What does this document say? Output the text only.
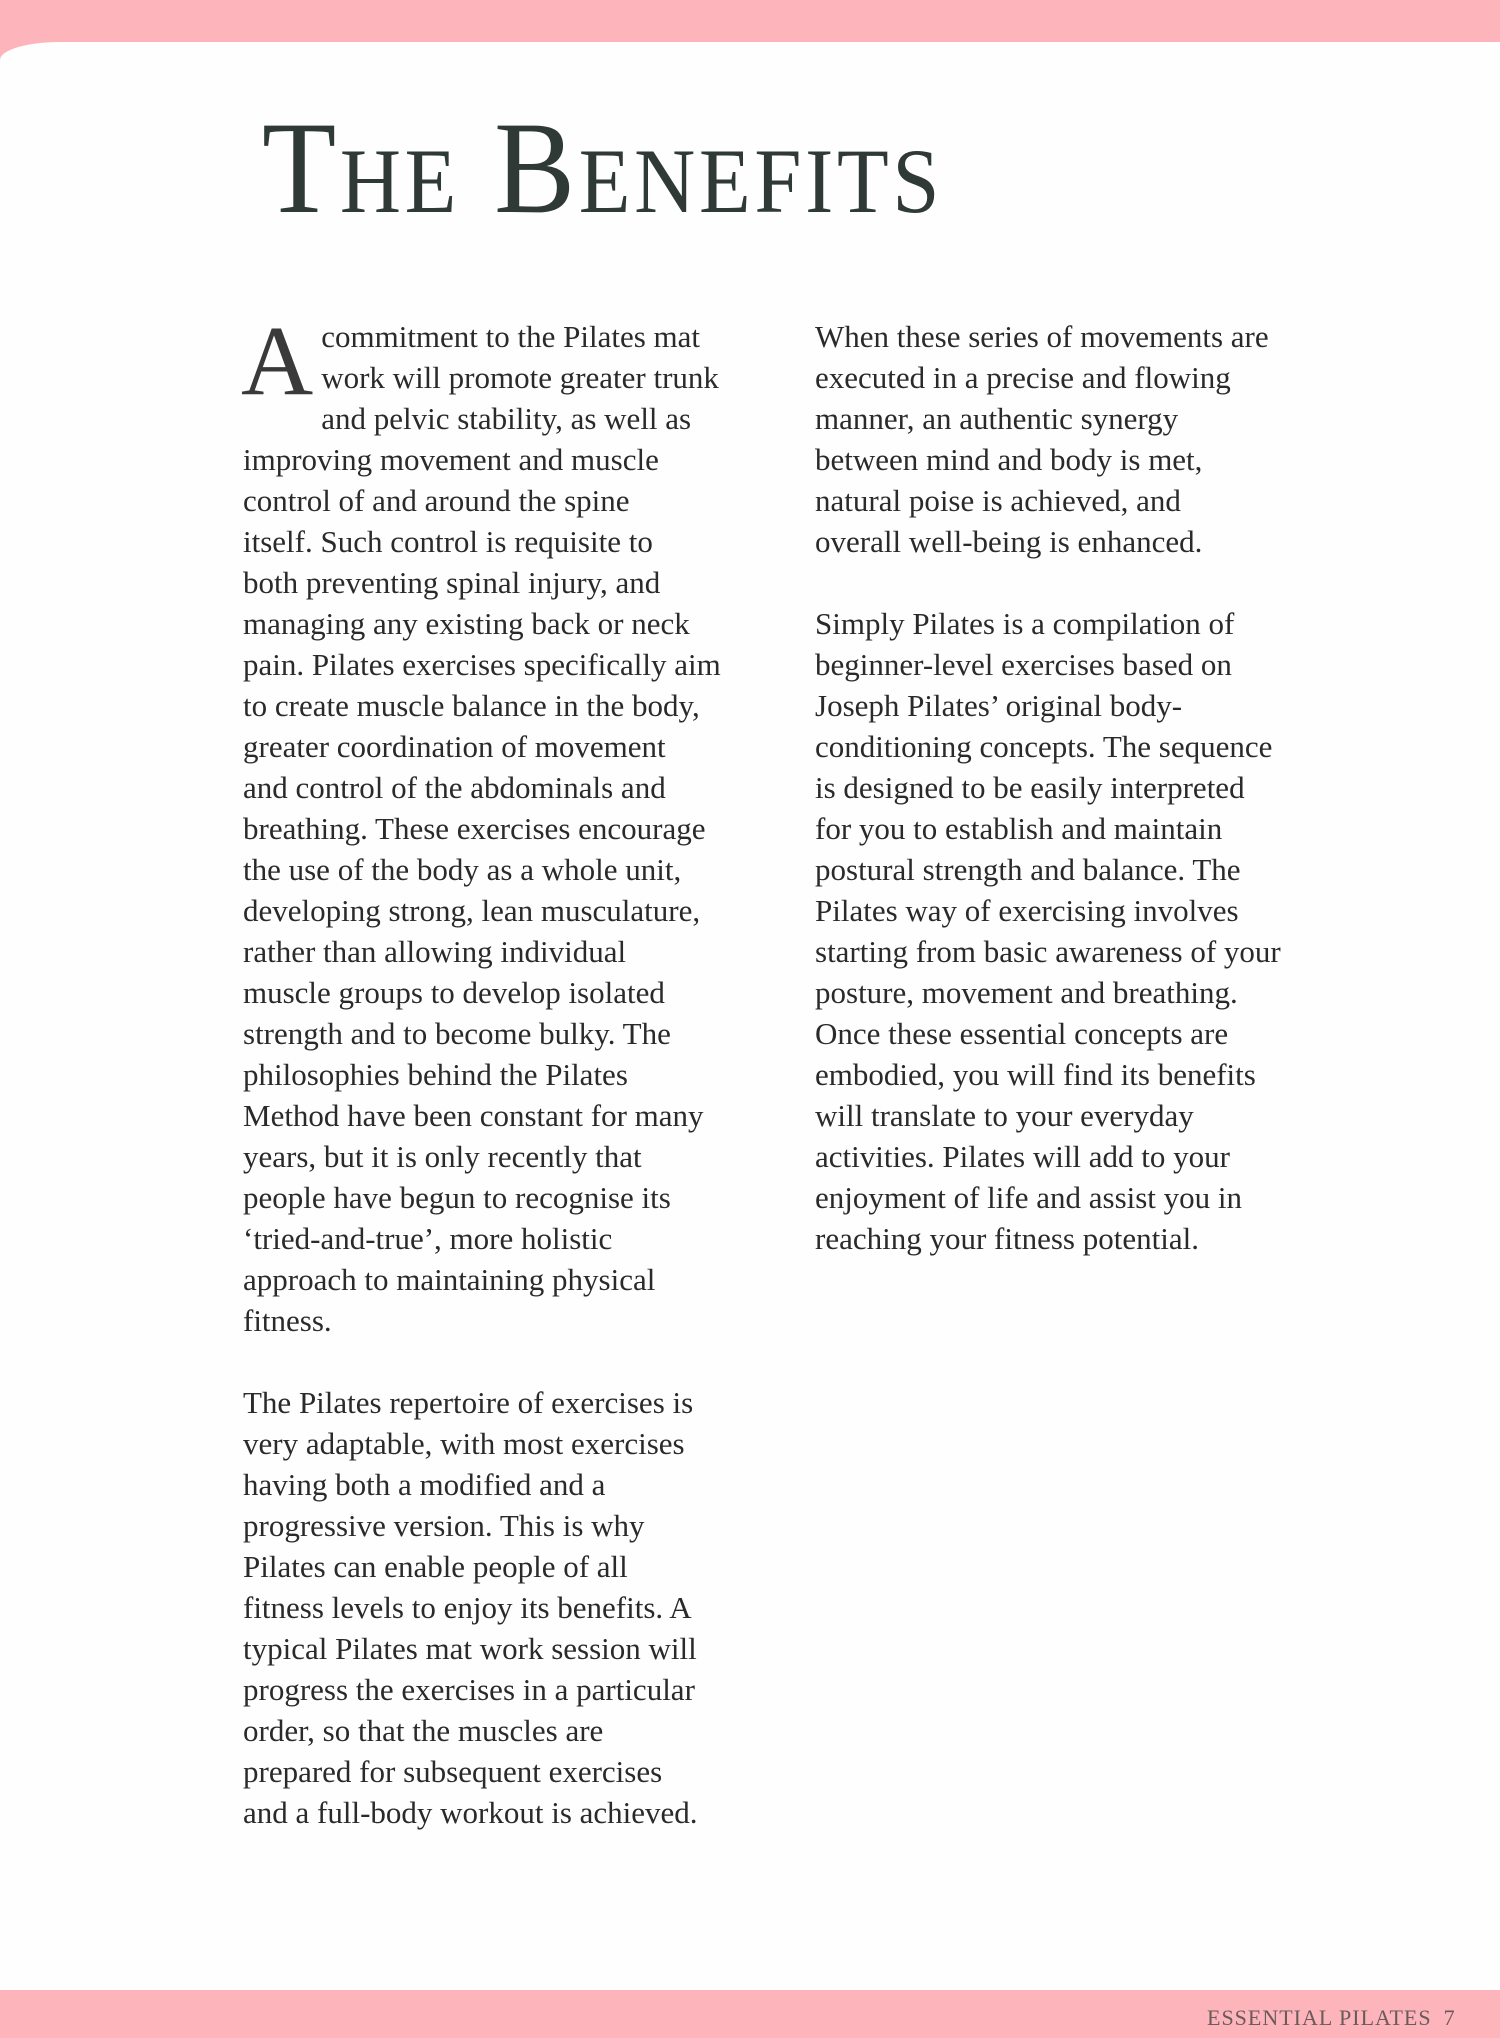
The Benefits

A commitment to the Pilates mat
work will promote greater trunk
and pelvic stability, as well as
improving movement and muscle
control of and around the spine
itself. Such control is requisite to
both preventing spinal injury, and
managing any existing back or neck
pain. Pilates exercises specifically aim
to create muscle balance in the body,
greater coordination of movement
and control of the abdominals and
breathing. These exercises encourage
the use of the body as a whole unit,
developing strong, lean musculature,
rather than allowing individual
muscle groups to develop isolated
strength and to become bulky. The
philosophies behind the Pilates
Method have been constant for many
years, but it is only recently that
people have begun to recognise its
‘tried-and-true’, more holistic
approach to maintaining physical
fitness.

The Pilates repertoire of exercises is
very adaptable, with most exercises
having both a modified and a
progressive version. This is why
Pilates can enable people of all
fitness levels to enjoy its benefits. A
typical Pilates mat work session will
progress the exercises in a particular
order, so that the muscles are
prepared for subsequent exercises
and a full-body workout is achieved.

When these series of movements are
executed in a precise and flowing
manner, an authentic synergy
between mind and body is met,
natural poise is achieved, and
overall well-being is enhanced.

Simply Pilates is a compilation of
beginner-level exercises based on
Joseph Pilates’ original body-
conditioning concepts. The sequence
is designed to be easily interpreted
for you to establish and maintain
postural strength and balance. The
Pilates way of exercising involves
starting from basic awareness of your
posture, movement and breathing.
Once these essential concepts are
embodied, you will find its benefits
will translate to your everyday
activities. Pilates will add to your
enjoyment of life and assist you in
reaching your fitness potential.

ESSENTIAL PILATES 7
